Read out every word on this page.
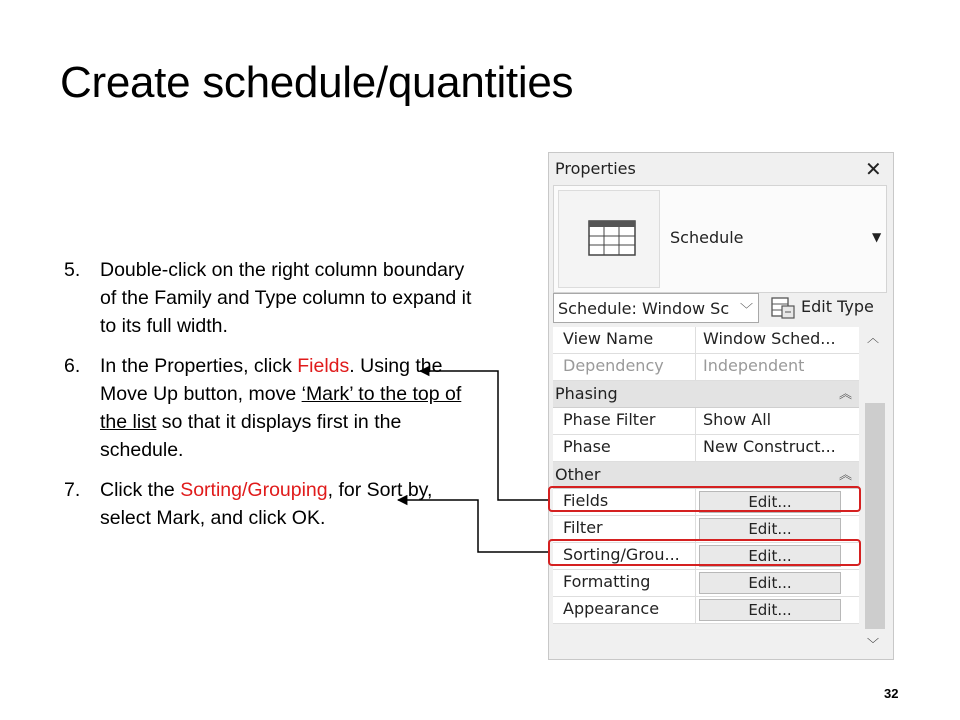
Create schedule/quantities
5.	Double-click on the right column boundary of the Family and Type column to expand it to its full width.
6.	In the Properties, click Fields. Using the Move Up button, move ‘Mark’ to the top of the list so that it displays first in the schedule.
7.	Click the Sorting/Grouping, for Sort by, select Mark, and click OK.
Properties	✕
Schedule	▼
Schedule: Window Sc ﹀	Edit Type
View Name	Window Sched...
Dependency	Independent
Phasing	︽
Phase Filter	Show All
Phase	New Construct...
Other	︽
Fields	Edit...
Filter	Edit...
Sorting/Grou...	Edit...
Formatting	Edit...
Appearance	Edit...
︿
﹀
32
